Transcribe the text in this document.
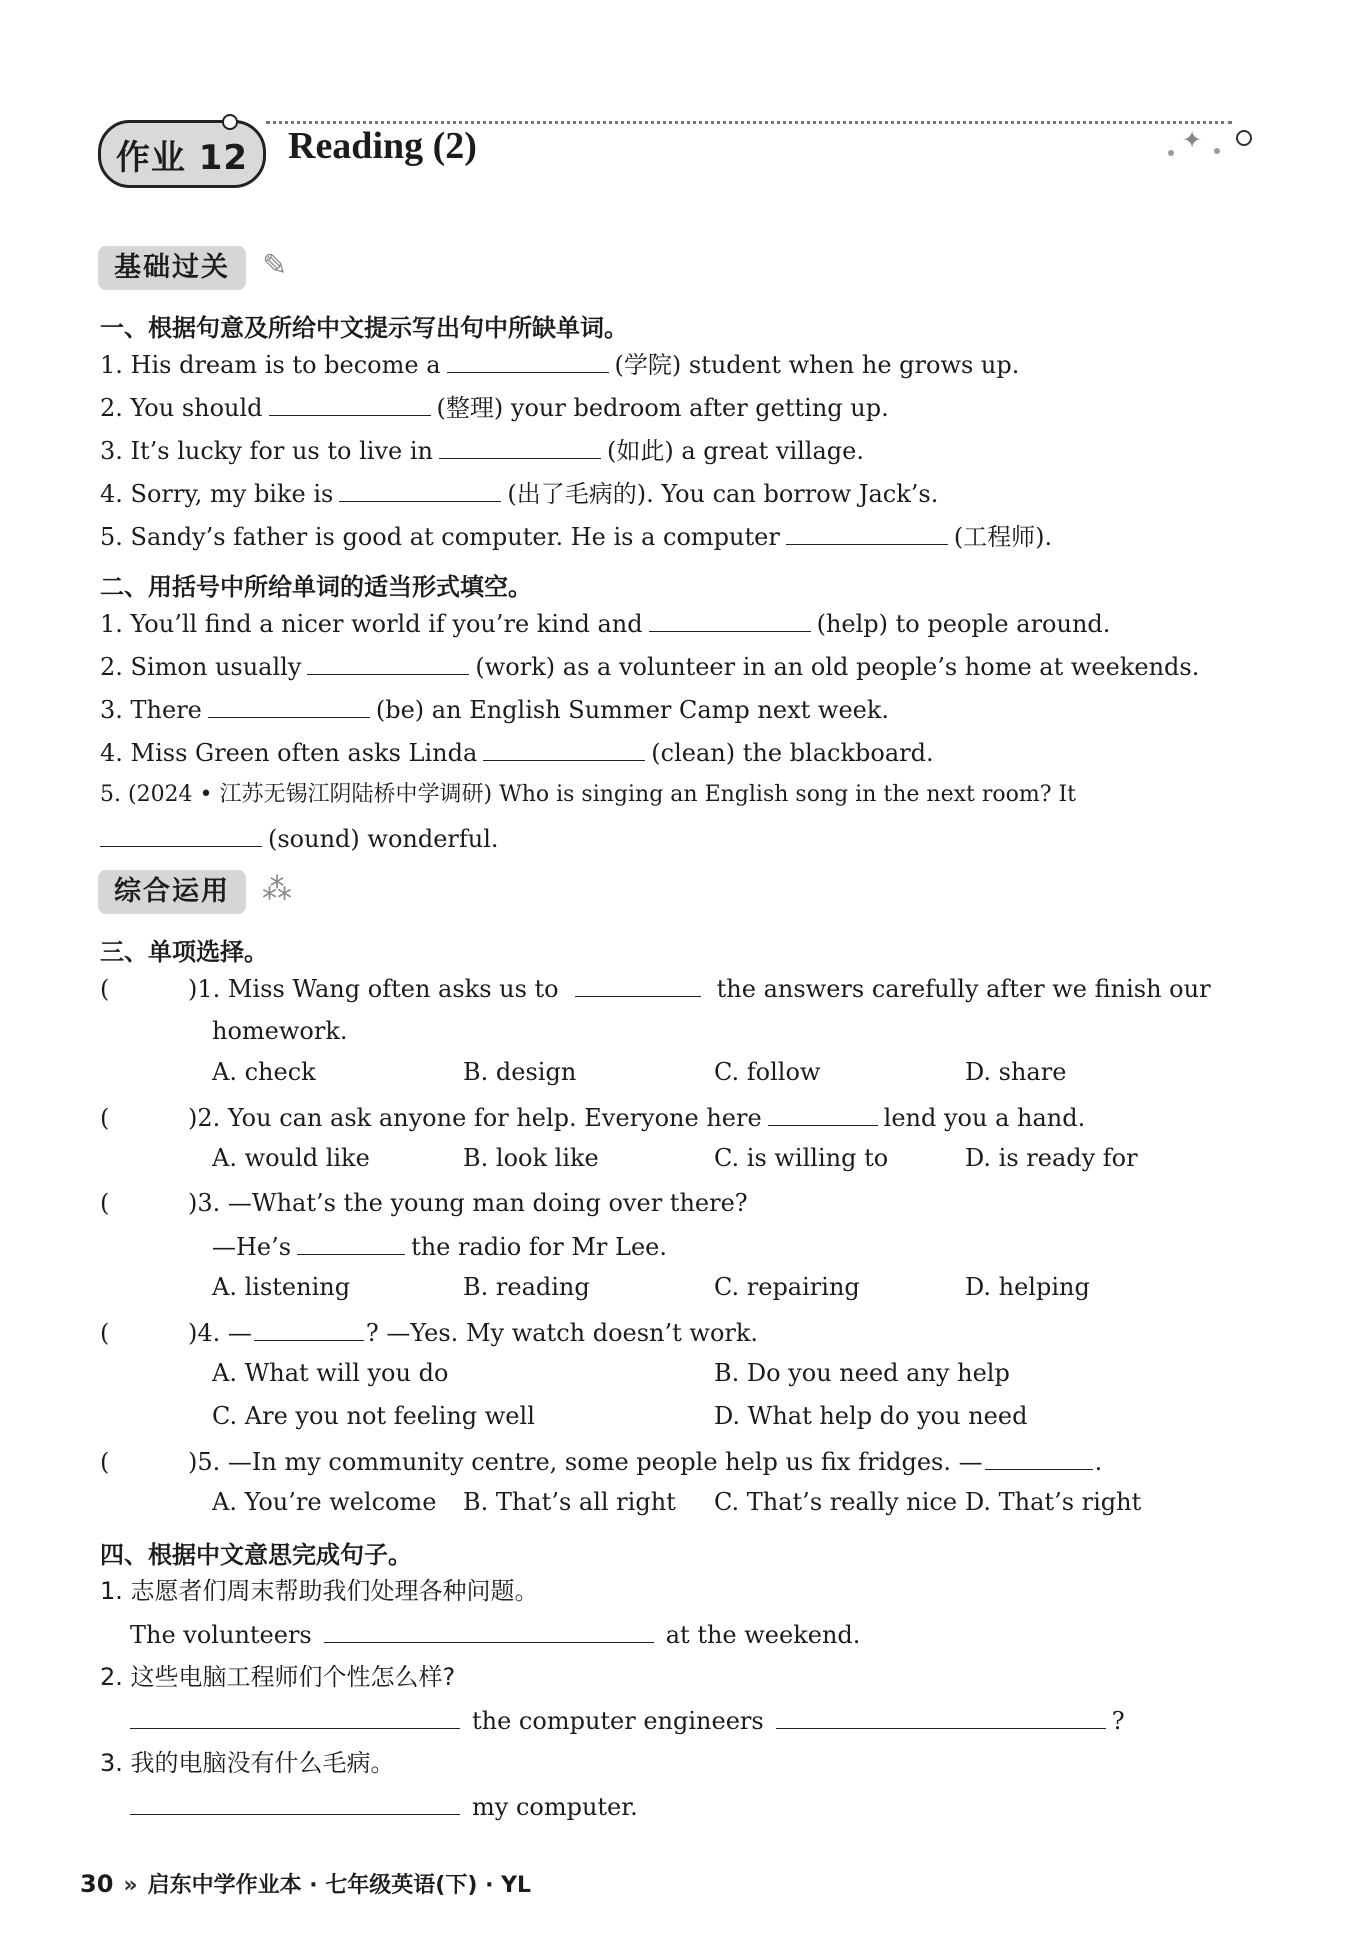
作业 12	Reading (2)	✦
基础过关	✎
一、根据句意及所给中文提示写出句中所缺单词。
1. His dream is to become a	(学院) student when he grows up.
2. You should	(整理) your bedroom after getting up.
3. It’s lucky for us to live in	(如此) a great village.
4. Sorry, my bike is	(出了毛病的). You can borrow Jack’s.
5. Sandy’s father is good at computer. He is a computer	(工程师).
二、用括号中所给单词的适当形式填空。
1. You’ll find a nicer world if you’re kind and	(help) to people around.
2. Simon usually	(work) as a volunteer in an old people’s home at weekends.
3. There	(be) an English Summer Camp next week.
4. Miss Green often asks Linda	(clean) the blackboard.
5. (2024 • 江苏无锡江阴陆桥中学调研) Who is singing an English song in the next room? It
(sound) wonderful.
综合运用	⁂
三、单项选择。
(	)1. Miss Wang often asks us to	the answers carefully after we finish our
homework.
A. check	B. design	C. follow	D. share
(	)2. You can ask anyone for help. Everyone here	lend you a hand.
A. would like	B. look like	C. is willing to	D. is ready for
(	)3. —What’s the young man doing over there?
—He’s	the radio for Mr Lee.
A. listening	B. reading	C. repairing	D. helping
(	)4. —	? —Yes. My watch doesn’t work.
A. What will you do	B. Do you need any help
C. Are you not feeling well	D. What help do you need
(	)5. —In my community centre, some people help us fix fridges. —	.
A. You’re welcome B. That’s all right C. That’s really nice D. That’s right
四、根据中文意思完成句子。
1. 志愿者们周末帮助我们处理各种问题。
The volunteers	at the weekend.
2. 这些电脑工程师们个性怎么样?
the computer engineers	?
3. 我的电脑没有什么毛病。
my computer.
30 » 启东中学作业本 · 七年级英语(下) · YL
